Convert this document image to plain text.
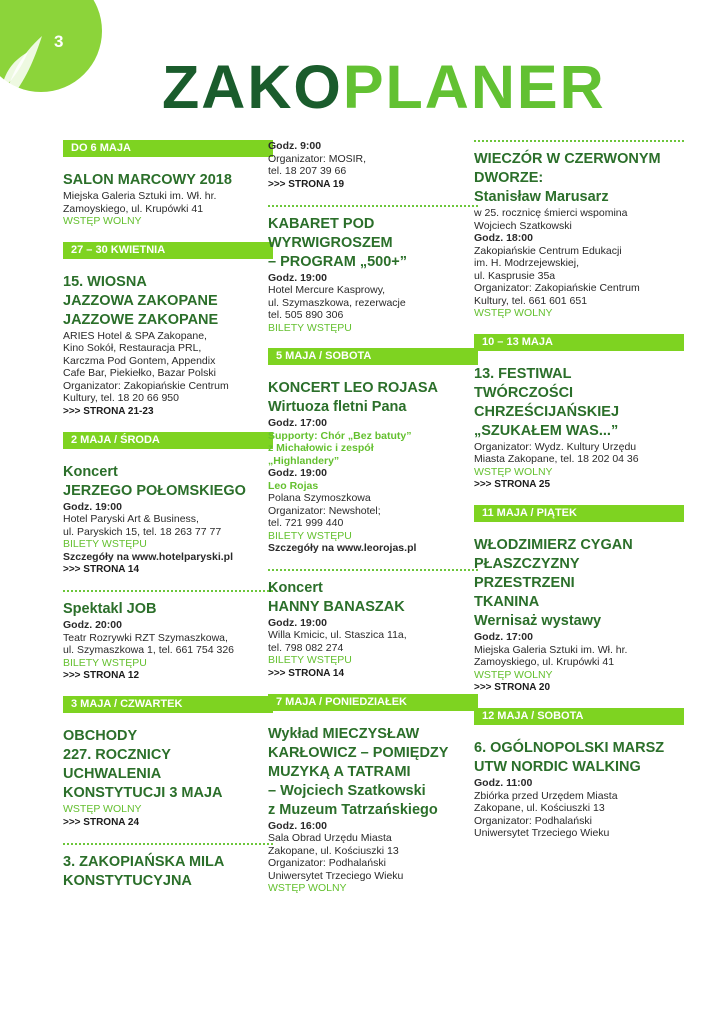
3
ZA KO PLANER
DO 6 MAJA
SALON MARCOWY 2018
Miejska Galeria Sztuki im. Wł. hr.
Zamoyskiego, ul. Krupówki 41
WSTĘP WOLNY
27 – 30 KWIETNIA
15. WIOSNA
JAZZOWA ZAKOPANE
JAZZOWE ZAKOPANE
ARIES Hotel & SPA Zakopane,
Kino Sokół, Restauracja PRL,
Karczma Pod Gontem, Appendix
Cafe Bar, Piekiełko, Bazar Polski
Organizator: Zakopiańskie Centrum
Kultury, tel. 18 20 66 950
>>> STRONA 21-23
2 MAJA / ŚRODA
Koncert
JERZEGO POŁOMSKIEGO
Godz. 19:00
Hotel Paryski Art & Business,
ul. Paryskich 15, tel. 18 263 77 77
BILETY WSTĘPU
Szczegóły na www.hotelparyski.pl
>>> STRONA 14
Spektakl JOB
Godz. 20:00
Teatr Rozrywki RZT Szymaszkowa,
ul. Szymaszkowa 1, tel. 661 754 326
BILETY WSTĘPU
>>> STRONA 12
3 MAJA / CZWARTEK
OBCHODY
227. ROCZNICY
UCHWALENIA
KONSTYTUCJI 3 MAJA
WSTĘP WOLNY
>>> STRONA 24
3. ZAKOPIAŃSKA MILA
KONSTYTUCYJNA
Godz. 9:00
Organizator: MOSIR,
tel. 18 207 39 66
>>> STRONA 19
KABARET POD
WYRWIGROSZEM
– PROGRAM „500+”
Godz. 19:00
Hotel Mercure Kasprowy,
ul. Szymaszkowa, rezerwacje
tel. 505 890 306
BILETY WSTĘPU
5 MAJA / SOBOTA
KONCERT LEO ROJASA
Wirtuoza fletni Pana
Godz. 17:00
Supporty: Chór „Bez batuty”
z Michałowic i zespół
„Highlandery”
Godz. 19:00
Leo Rojas
Polana Szymoszkowa
Organizator: Newshotel;
tel. 721 999 440
BILETY WSTĘPU
Szczegóły na www.leorojas.pl
Koncert
HANNY BANASZAK
Godz. 19:00
Willa Kmicic, ul. Staszica 11a,
tel. 798 082 274
BILETY WSTĘPU
>>> STRONA 14
7 MAJA / PONIEDZIAŁEK
Wykład MIECZYSŁAW
KARŁOWICZ – POMIĘDZY
MUZYKĄ A TATRAMI
– Wojciech Szatkowski
z Muzeum Tatrzańskiego
Godz. 16:00
Sala Obrad Urzędu Miasta
Zakopane, ul. Kościuszki 13
Organizator: Podhalański
Uniwersytet Trzeciego Wieku
WSTĘP WOLNY
WIECZÓR W CZERWONYM
DWORZE:
Stanisław Marusarz
w 25. rocznicę śmierci wspomina
Wojciech Szatkowski
Godz. 18:00
Zakopiańskie Centrum Edukacji
im. H. Modrzejewskiej,
ul. Kasprusie 35a
Organizator: Zakopiańskie Centrum
Kultury, tel. 661 601 651
WSTĘP WOLNY
10 – 13 MAJA
13. FESTIWAL
TWÓRCZOŚCI
CHRZEŚCIJAŃSKIEJ
„SZUKAŁEM WAS...”
Organizator: Wydz. Kultury Urzędu
Miasta Zakopane, tel. 18 202 04 36
WSTĘP WOLNY
>>> STRONA 25
11 MAJA / PIĄTEK
WŁODZIMIERZ CYGAN
PŁASZCZYZNY
PRZESTRZENI
TKANINA
Wernisaż wystawy
Godz. 17:00
Miejska Galeria Sztuki im. Wł. hr.
Zamoyskiego, ul. Krupówki 41
WSTĘP WOLNY
>>> STRONA 20
12 MAJA / SOBOTA
6. OGÓLNOPOLSKI MARSZ
UTW NORDIC WALKING
Godz. 11:00
Zbiórka przed Urzędem Miasta
Zakopane, ul. Kościuszki 13
Organizator: Podhalański
Uniwersytet Trzeciego Wieku
